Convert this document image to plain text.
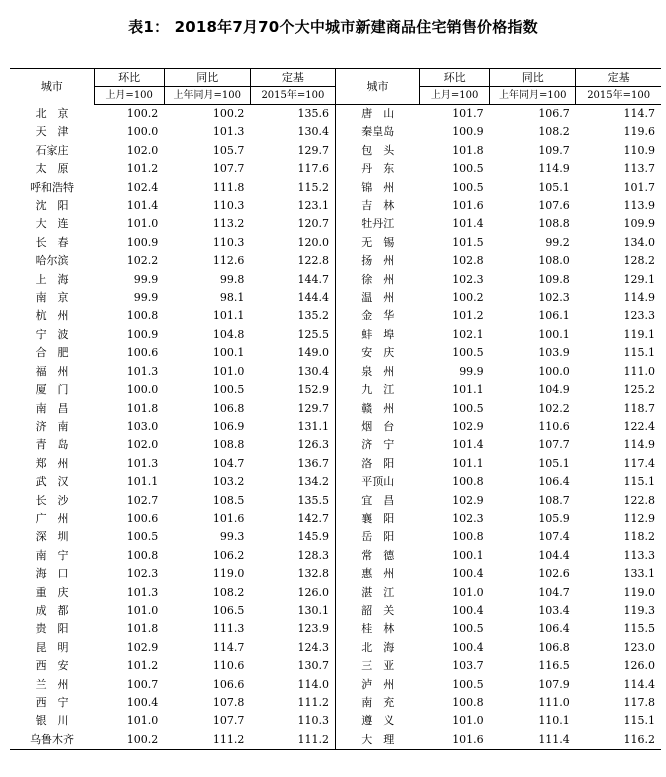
表1： 2018年7月70个大中城市新建商品住宅销售价格指数
城市	环比	同比	定基	城市	环比	同比	定基
	上月=100	上年同月=100	2015年=100		上月=100	上年同月=100	2015年=100
北　京	100.2	100.2	135.6	唐　山	101.7	106.7	114.7
天　津	100.0	101.3	130.4	秦皇岛	100.9	108.2	119.6
石家庄	102.0	105.7	129.7	包　头	101.8	109.7	110.9
太　原	101.2	107.7	117.6	丹　东	100.5	114.9	113.7
呼和浩特	102.4	111.8	115.2	锦　州	100.5	105.1	101.7
沈　阳	101.4	110.3	123.1	吉　林	101.6	107.6	113.9
大　连	101.0	113.2	120.7	牡丹江	101.4	108.8	109.9
长　春	100.9	110.3	120.0	无　锡	101.5	99.2	134.0
哈尔滨	102.2	112.6	122.8	扬　州	102.8	108.0	128.2
上　海	99.9	99.8	144.7	徐　州	102.3	109.8	129.1
南　京	99.9	98.1	144.4	温　州	100.2	102.3	114.9
杭　州	100.8	101.1	135.2	金　华	101.2	106.1	123.3
宁　波	100.9	104.8	125.5	蚌　埠	102.1	100.1	119.1
合　肥	100.6	100.1	149.0	安　庆	100.5	103.9	115.1
福　州	101.3	101.0	130.4	泉　州	99.9	100.0	111.0
厦　门	100.0	100.5	152.9	九　江	101.1	104.9	125.2
南　昌	101.8	106.8	129.7	赣　州	100.5	102.2	118.7
济　南	103.0	106.9	131.1	烟　台	102.9	110.6	122.4
青　岛	102.0	108.8	126.3	济　宁	101.4	107.7	114.9
郑　州	101.3	104.7	136.7	洛　阳	101.1	105.1	117.4
武　汉	101.1	103.2	134.2	平顶山	100.8	106.4	115.1
长　沙	102.7	108.5	135.5	宜　昌	102.9	108.7	122.8
广　州	100.6	101.6	142.7	襄　阳	102.3	105.9	112.9
深　圳	100.5	99.3	145.9	岳　阳	100.8	107.4	118.2
南　宁	100.8	106.2	128.3	常　德	100.1	104.4	113.3
海　口	102.3	119.0	132.8	惠　州	100.4	102.6	133.1
重　庆	101.3	108.2	126.0	湛　江	101.0	104.7	119.0
成　都	101.0	106.5	130.1	韶　关	100.4	103.4	119.3
贵　阳	101.8	111.3	123.9	桂　林	100.5	106.4	115.5
昆　明	102.9	114.7	124.3	北　海	100.4	106.8	123.0
西　安	101.2	110.6	130.7	三　亚	103.7	116.5	126.0
兰　州	100.7	106.6	114.0	泸　州	100.5	107.9	114.4
西　宁	100.4	107.8	111.2	南　充	100.8	111.0	117.8
银　川	101.0	107.7	110.3	遵　义	101.0	110.1	115.1
乌鲁木齐	100.2	111.2	111.2	大　理	101.6	111.4	116.2
